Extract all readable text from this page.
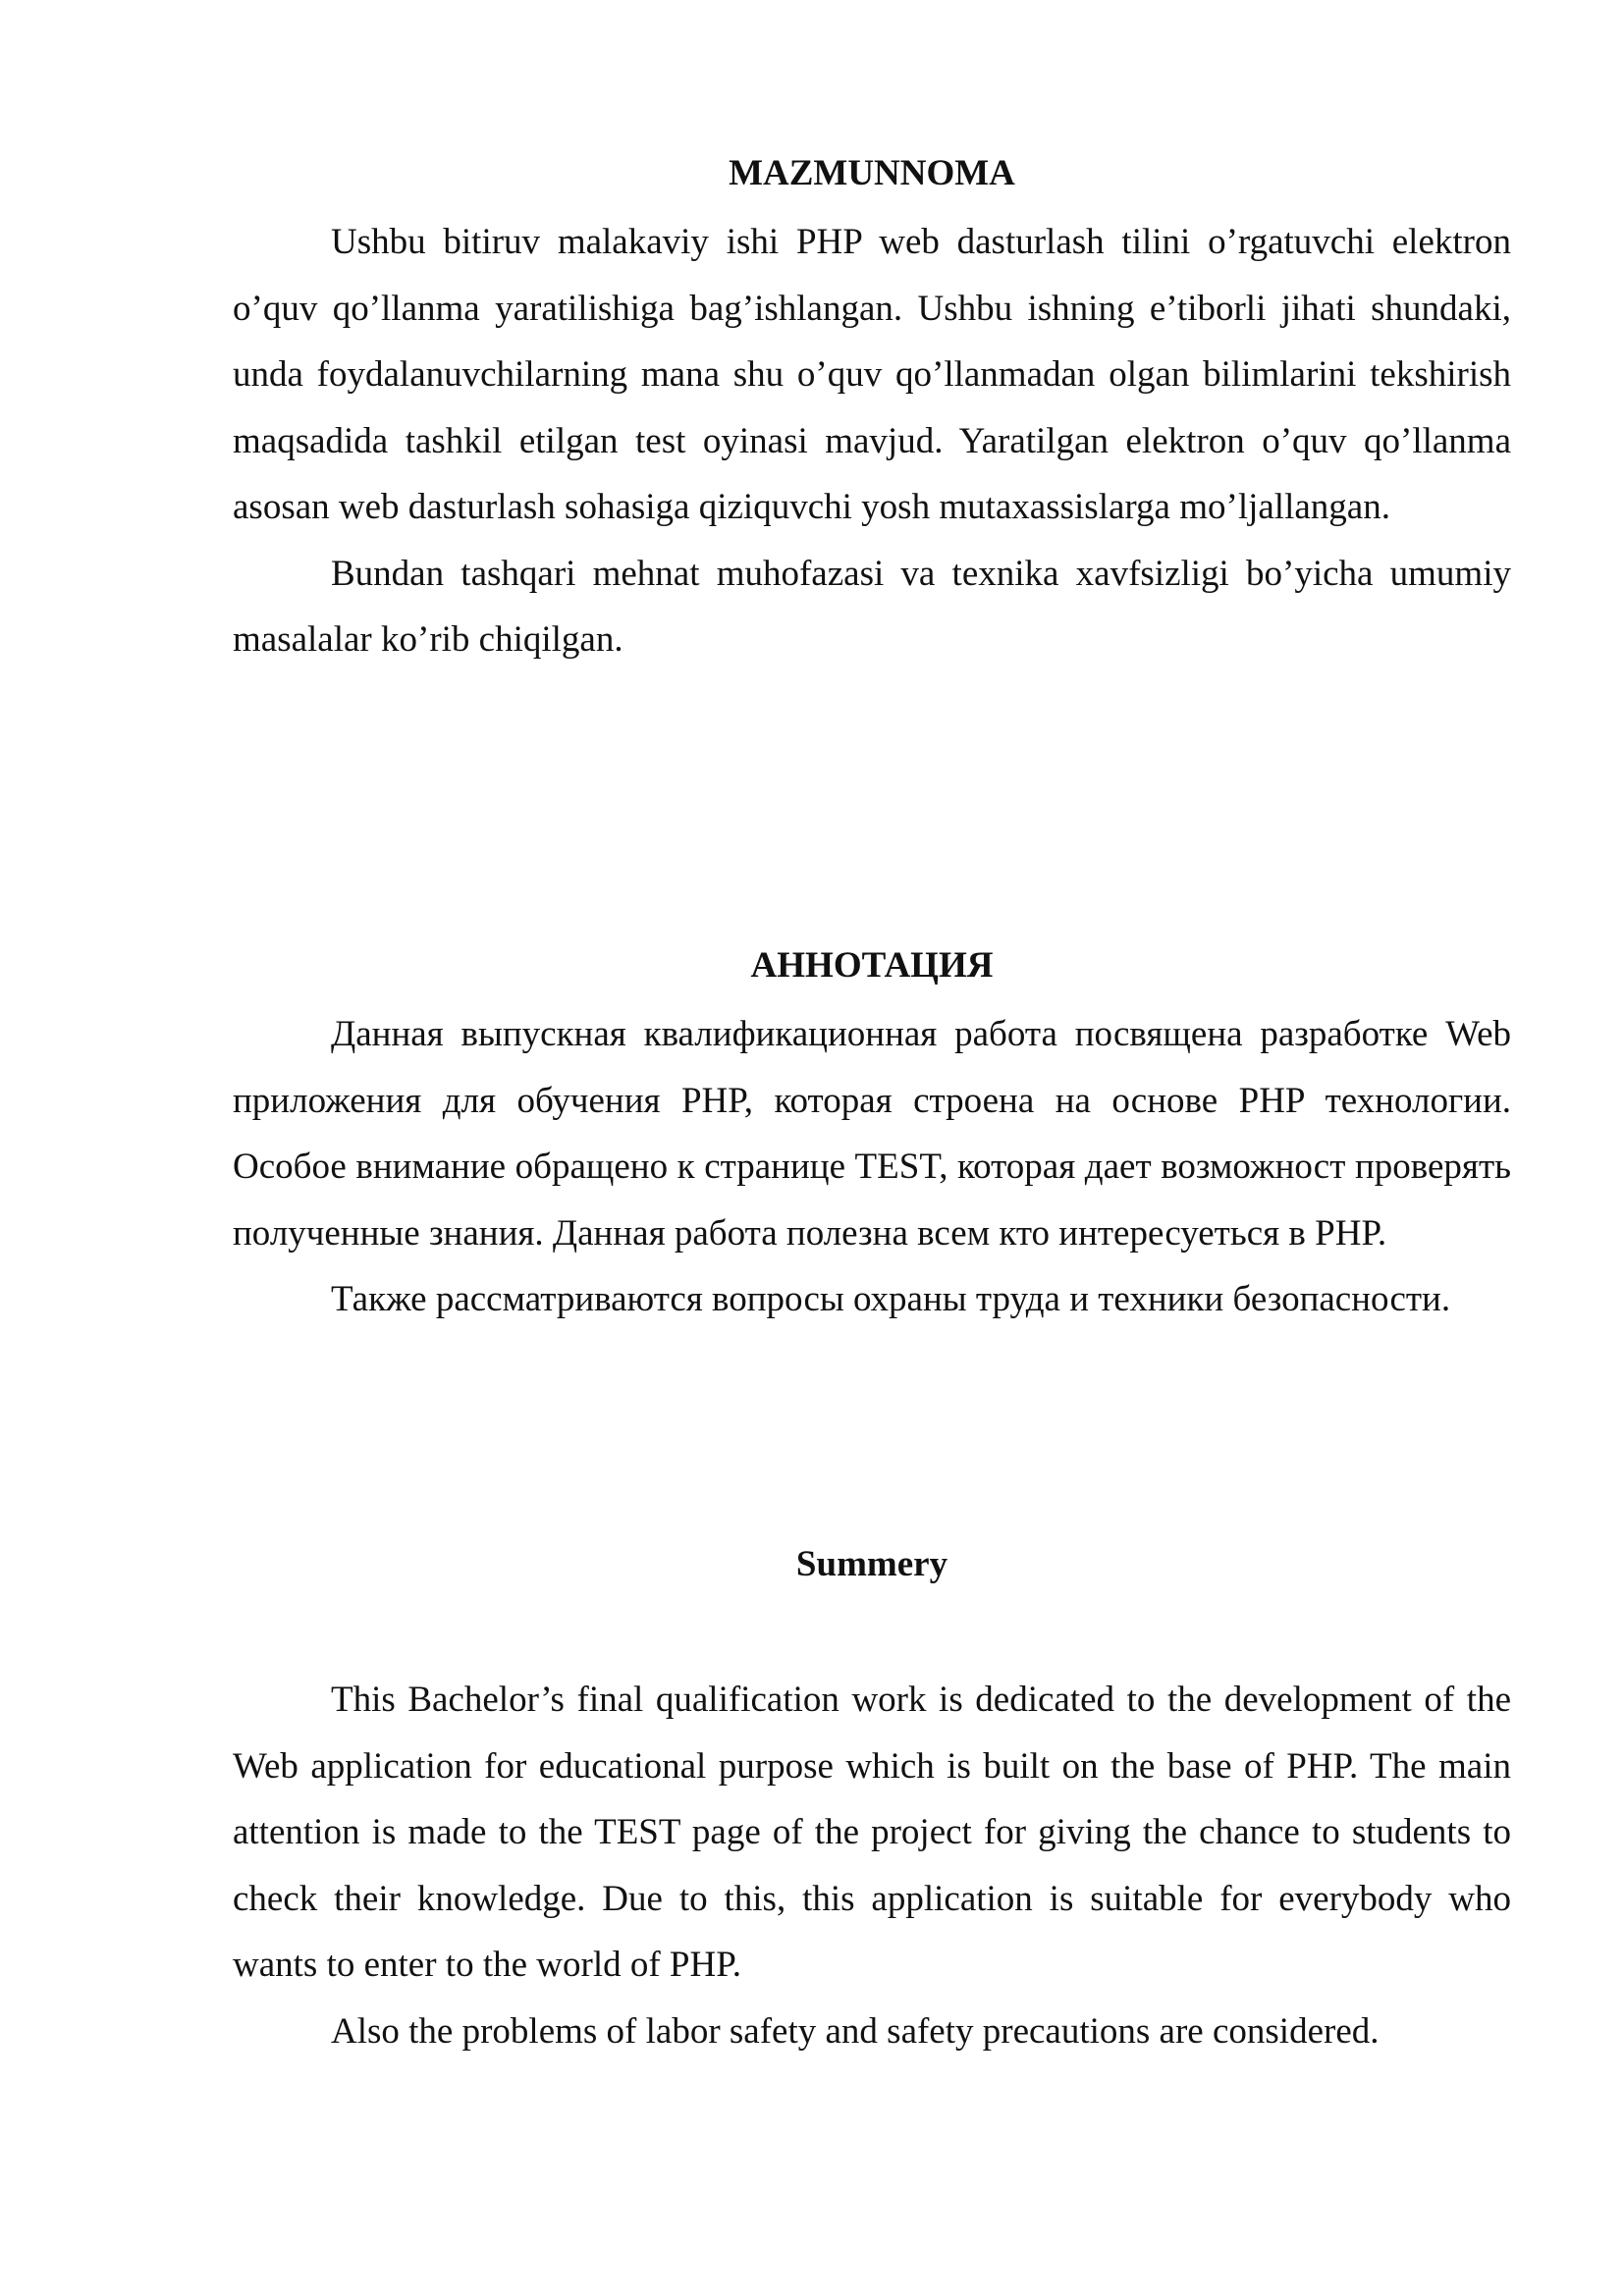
MAZMUNNOMA

Ushbu bitiruv malakaviy ishi PHP web dasturlash tilini o’rgatuvchi elektron o’quv qo’llanma yaratilishiga bag’ishlangan. Ushbu ishning e’tiborli jihati shundaki, unda foydalanuvchilarning mana shu o’quv qo’llanmadan olgan bilimlarini tekshirish maqsadida tashkil etilgan test oyinasi mavjud. Yaratilgan elektron o’quv qo’llanma asosan web dasturlash sohasiga qiziquvchi yosh mutaxassislarga mo’ljallangan.

Bundan tashqari mehnat muhofazasi va texnika xavfsizligi bo’yicha umumiy masalalar ko’rib chiqilgan.

АННОТАЦИЯ

Данная выпускная квалификационная работа посвящена разработке Web приложения для обучения PHP, которая строена на основе PHP технологии. Особое внимание обращено к странице TEST, которая дает возможност проверять полученные знания. Данная работа полезна всем кто интересуеться в PHP.

Также рассматриваются вопросы охраны труда и техники безопасности.

Summery

This Bachelor’s final qualification work is dedicated to the development of the Web application for educational purpose which is built on the base of PHP. The main attention is made to the TEST page of the project for giving the chance to students to check their knowledge. Due to this, this application is suitable for everybody who wants to enter to the world of PHP.

Also the problems of labor safety and safety precautions are considered.
